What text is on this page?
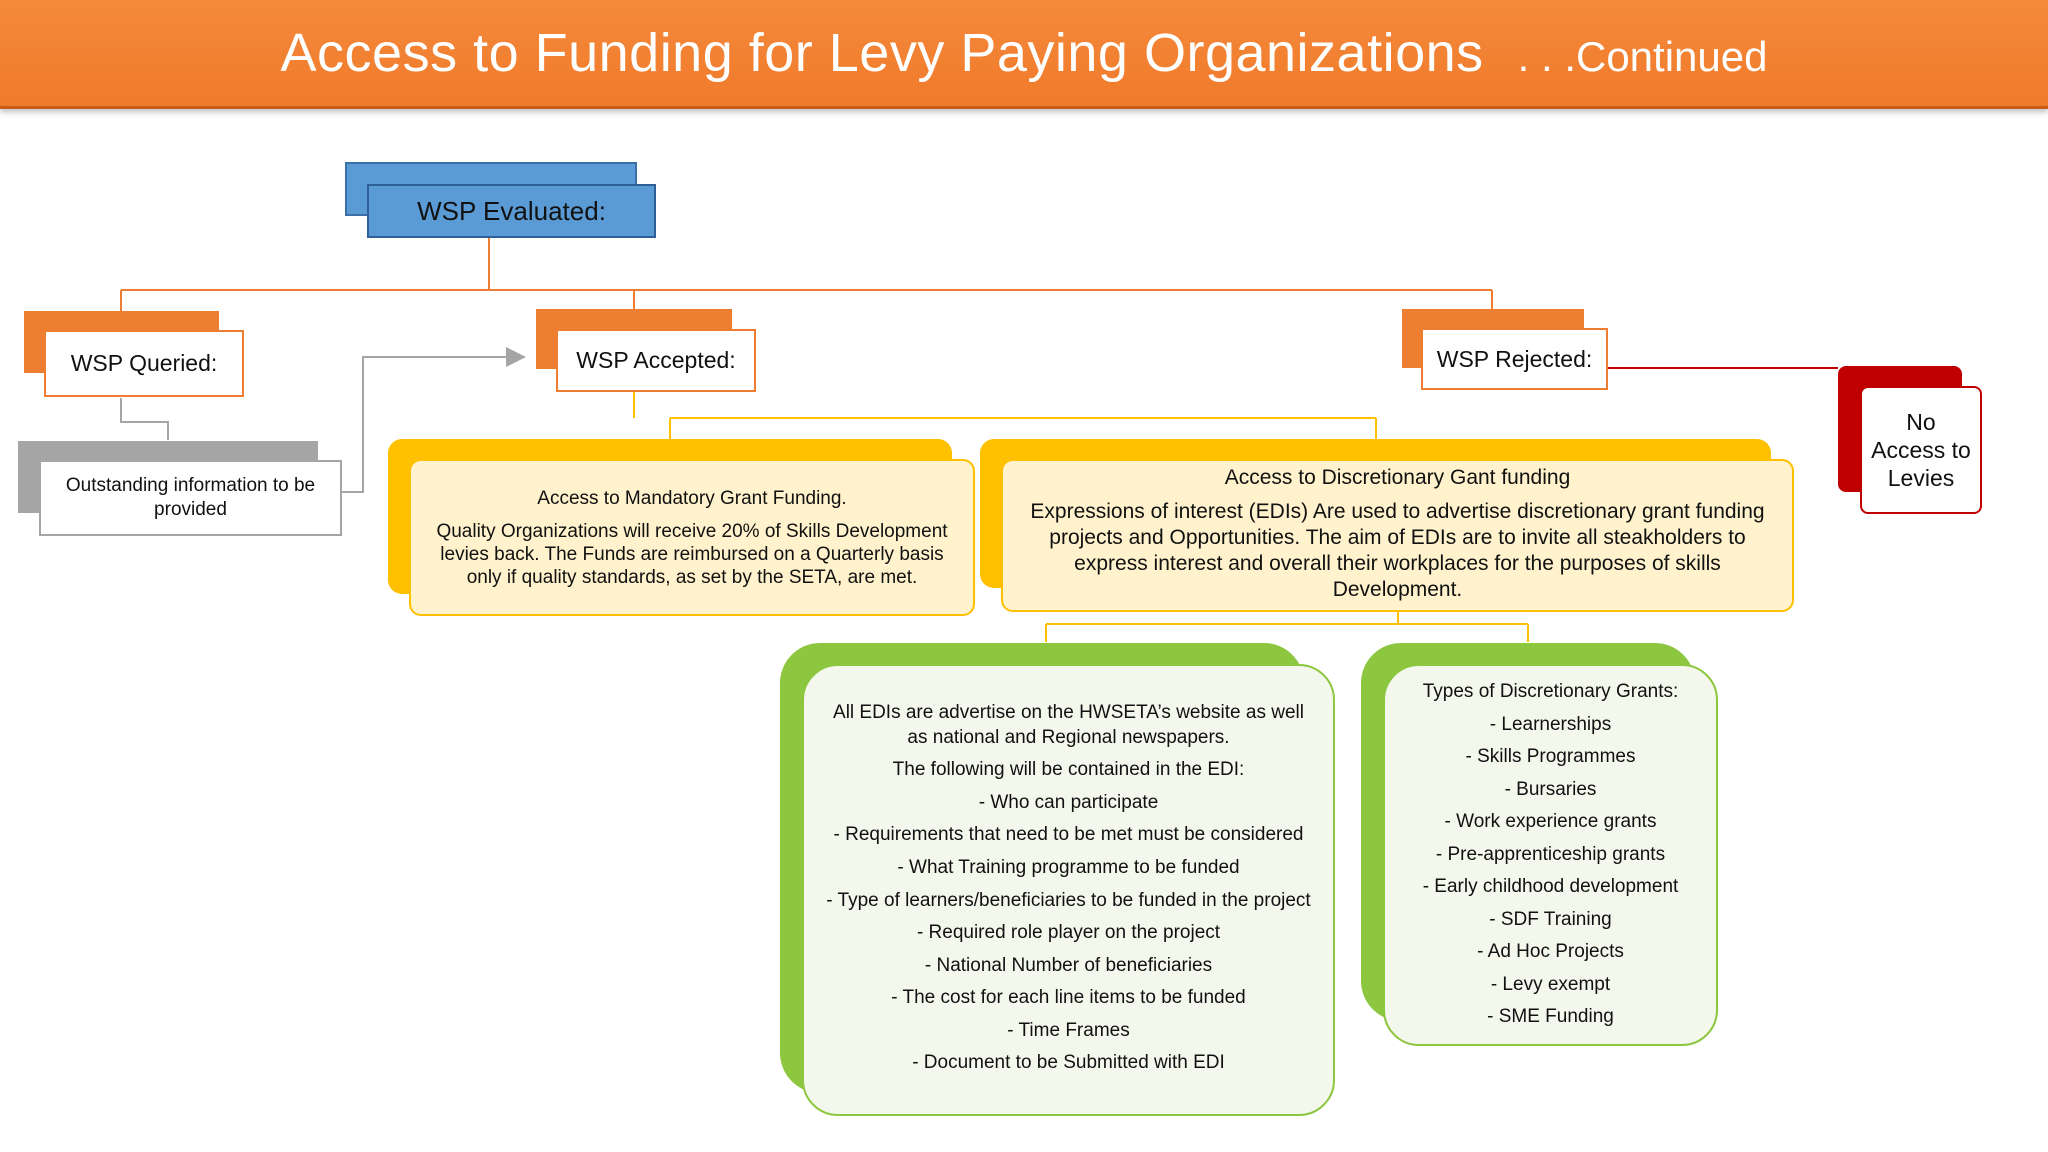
Access to Funding for Levy Paying Organizations . . .Continued
WSP Evaluated:
WSP Queried:	WSP Accepted:	WSP Rejected:
No Access to Levies
Outstanding information to be provided

Access to Mandatory Grant Funding.

Quality Organizations will receive 20% of Skills Development levies back. The Funds are reimbursed on a Quarterly basis only if quality standards, as set by the SETA, are met.

Access to Discretionary Gant funding
Expressions of interest (EDIs) Are used to advertise discretionary grant funding projects and Opportunities. The aim of EDIs are to invite all steakholders to express interest and overall their workplaces for the purposes of skills Development.
All EDIs are advertise on the HWSETA’s website as well as national and Regional newspapers.
The following will be contained in the EDI:
- Who can participate
- Requirements that need to be met must be considered
- What Training programme to be funded
- Type of learners/beneficiaries to be funded in the project
- Required role player on the project
- National Number of beneficiaries
- The cost for each line items to be funded
- Time Frames
- Document to be Submitted with EDI
Types of Discretionary Grants:
- Learnerships
- Skills Programmes
- Bursaries
- Work experience grants
- Pre-apprenticeship grants
- Early childhood development
- SDF Training
- Ad Hoc Projects
- Levy exempt
- SME Funding
